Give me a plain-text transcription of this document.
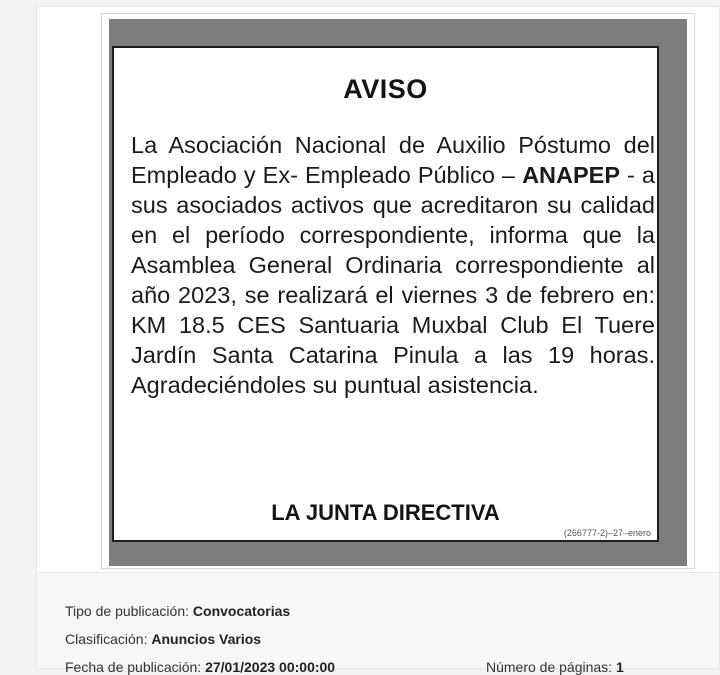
AVISO
La Asociación Nacional de Auxilio Póstumo del Empleado y Ex- Empleado Público – ANAPEP - a sus asociados activos que acreditaron su calidad en el período correspondiente, informa que la Asamblea General Ordinaria correspondiente al año 2023, se realizará el viernes 3 de febrero en: KM 18.5 CES Santuaria Muxbal Club El Tuere Jardín Santa Catarina Pinula a las 19 horas. Agradeciéndoles su puntual asistencia.
LA JUNTA DIRECTIVA
(266777-2)–27–enero
Tipo de publicación: Convocatorias
Clasificación: Anuncios Varios
Fecha de publicación: 27/01/2023 00:00:00	Número de páginas: 1
